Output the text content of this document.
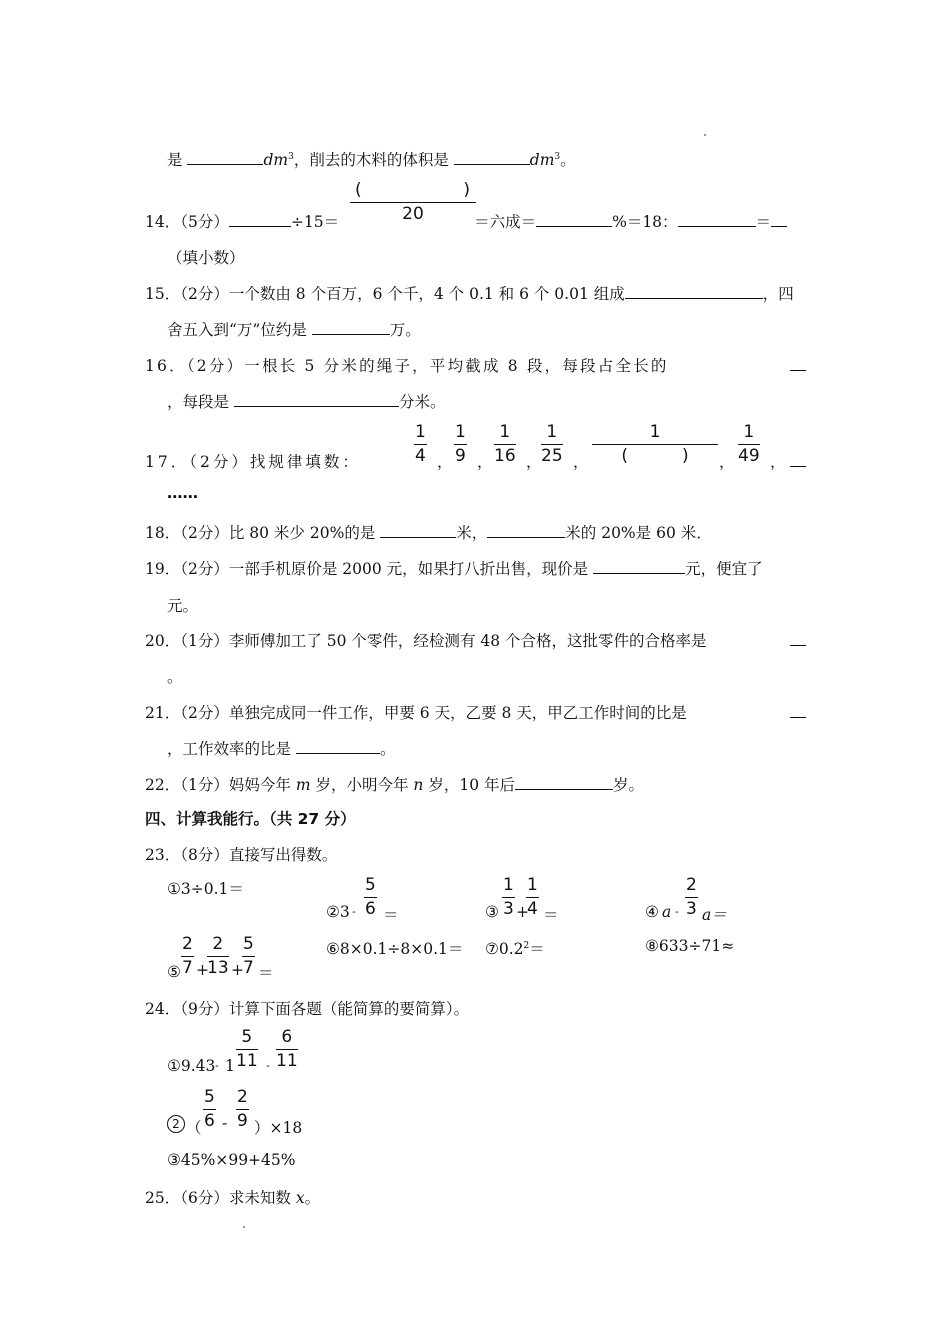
是	$dm^3$，削去的木料的体积是	$dm^3$。
(	)
20
14．（5分）	÷15＝	＝六成＝	%＝18：	＝
（填小数）
15．（2分）一个数由 8 个百万，6 个千，4 个 0.1 和 6 个 0.01 组成	，四
舍五入到“万”位约是	万。
16．（2分）一根长 5 分米的绳子，平均截成 8 段，每段占全长的
，每段是	分米。
17．（2分）找规律填数：	$\frac{1}{4}$ ， $\frac{1}{9}$ ， $\frac{1}{16}$ ， $\frac{1}{25}$ ，
1
(          )	， $\frac{1}{49}$ ，
……
18．（2分）比 80 米少 20%的是	米，	米的 20%是 60 米．
19．（2分）一部手机原价是 2000 元，如果打八折出售，现价是	元，便宜了
元。
20．（1分）李师傅加工了 50 个零件，经检测有 48 个合格，这批零件的合格率是
。
21．（2分）单独完成同一件工作，甲要 6 天，乙要 8 天，甲乙工作时间的比是
，工作效率的比是	。
22．（1分）妈妈今年 m 岁，小明今年 n 岁，10 年后	岁。
四、计算我能行。（共 27 分）
23．（8分）直接写出得数。
①3÷0.1＝
②3 - $\frac{5}{6}$ ＝	③ $\frac{1}{3}$ +
$\frac{1}{4}$ ＝	④ $a - \frac{2}{3} a=$
⑤ $\frac{2}{7}$ +
$\frac{2}{13}$ +
$\frac{5}{7}$ ＝
⑥8×0.1÷8×0.1＝ $⑦0.2^2=$	⑧633÷71≈
24．（9分）计算下面各题（能简算的要简算）。
①9.43 - $1 \frac{5}{11} - \frac{6}{11}$
2 （ $\frac{5}{6} - \frac{2}{9} )\times 18$
③45%×99+45%
25．（6分）求未知数 x。
